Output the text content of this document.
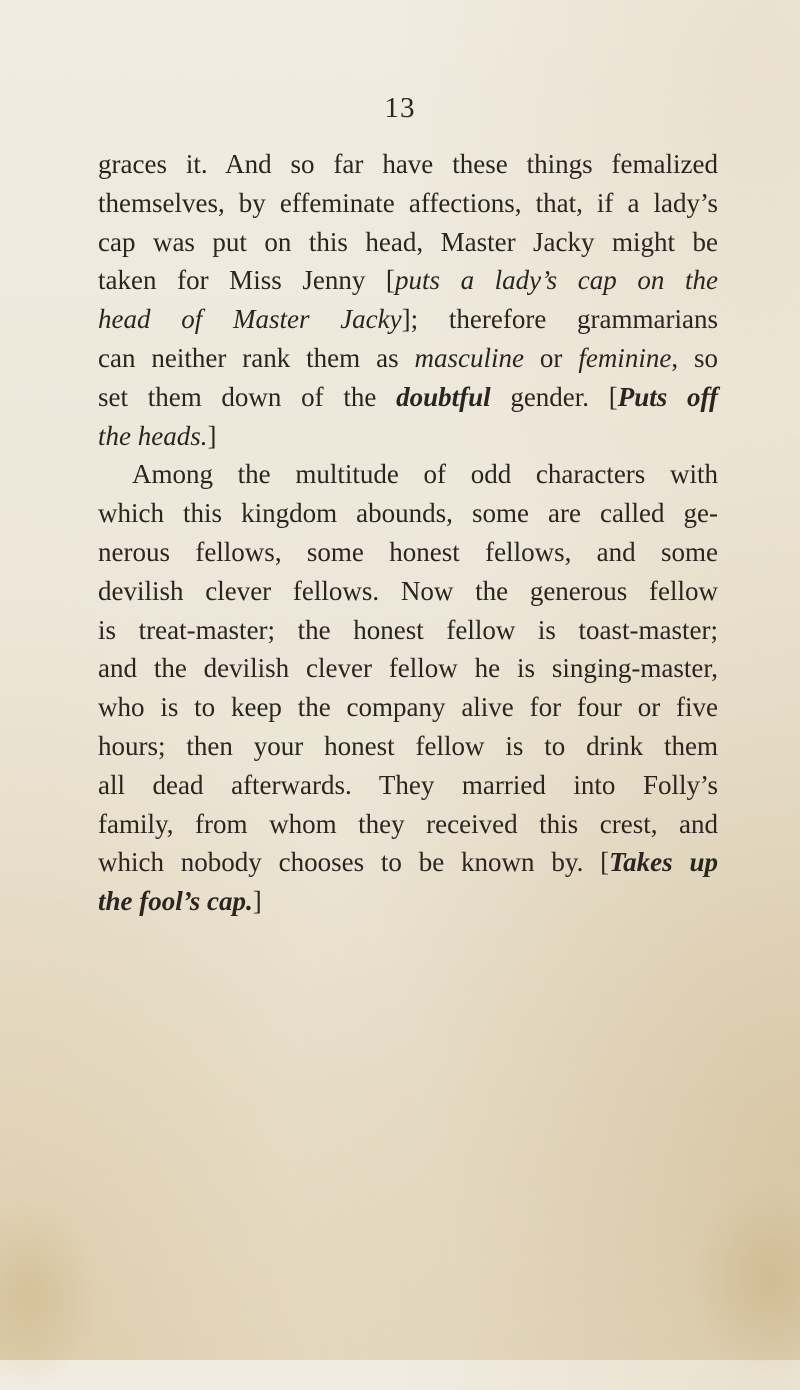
13
graces it. And so far have these things femalized
themselves, by effeminate affections, that, if a lady’s
cap was put on this head, Master Jacky might be
taken for Miss Jenny [puts a lady’s cap on the
head of Master Jacky]; therefore grammarians
can neither rank them as masculine or feminine, so
set them down of the doubtful gender. [Puts off
the heads.]
Among the multitude of odd characters with
which this kingdom abounds, some are called ge-
nerous fellows, some honest fellows, and some
devilish clever fellows. Now the generous fellow
is treat-master; the honest fellow is toast-master;
and the devilish clever fellow he is singing-master,
who is to keep the company alive for four or five
hours; then your honest fellow is to drink them
all dead afterwards. They married into Folly’s
family, from whom they received this crest, and
which nobody chooses to be known by. [Takes up
the fool’s cap.]
